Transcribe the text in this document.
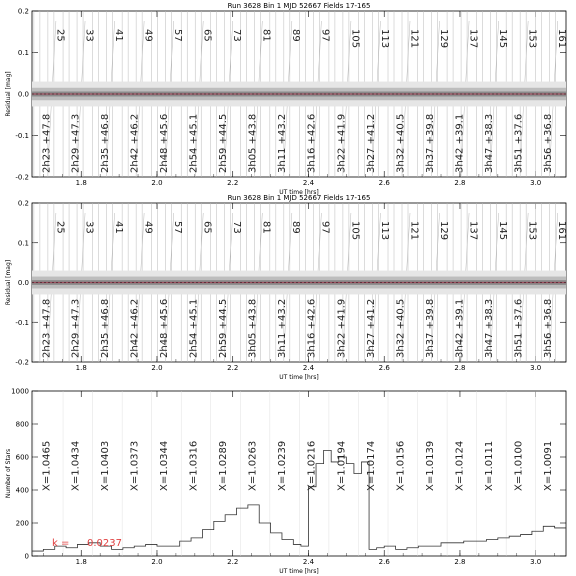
1.8	2.0	2.2	2.4	2.6	2.8	3.0
-0.2
-0.1
0.0
0.1
0.2
UT time [hrs]
Residual [mag]
Run 3628 Bin 1 MJD 52667 Fields 17-165
25 33 41 49 57 65 73 81 89 97 105 113 121 129 137 145 153 161
2h23 +47.8 2h29 +47.3 2h35 +46.8 2h42 +46.2 2h48 +45.6 2h54 +45.1 2h59 +44.5 3h05 +43.8 3h11 +43.2 3h16 +42.6 3h22 +41.9 3h27 +41.2 3h32 +40.5 3h37 +39.8 3h42 +39.1 3h47 +38.3 3h51 +37.6 3h56 +36.8
1.8	2.0	2.2	2.4	2.6	2.8	3.0
-0.2
-0.1
0.0
0.1
0.2
UT time [hrs]
Residual [mag]
Run 3628 Bin 1 MJD 52667 Fields 17-165
25 33 41 49 57 65 73 81 89 97 105 113 121 129 137 145 153 161
2h23 +47.8 2h29 +47.3 2h35 +46.8 2h42 +46.2 2h48 +45.6 2h54 +45.1 2h59 +44.5 3h05 +43.8 3h11 +43.2 3h16 +42.6 3h22 +41.9 3h27 +41.2 3h32 +40.5 3h37 +39.8 3h42 +39.1 3h47 +38.3 3h51 +37.6 3h56 +36.8
1.8	2.0	2.2	2.4	2.6	2.8	3.0
0
200
400
600
800
1000
UT time [hrs]
Number of Stars	X=1.0465 X=1.0434 X=1.0403 X=1.0373 X=1.0344 X=1.0316 X=1.0289 X=1.0263 X=1.0239 X=1.0216 X=1.0194 X=1.0174 X=1.0156 X=1.0139 X=1.0124 X=1.0111 X=1.0100 X=1.0091
k = 0.0237
